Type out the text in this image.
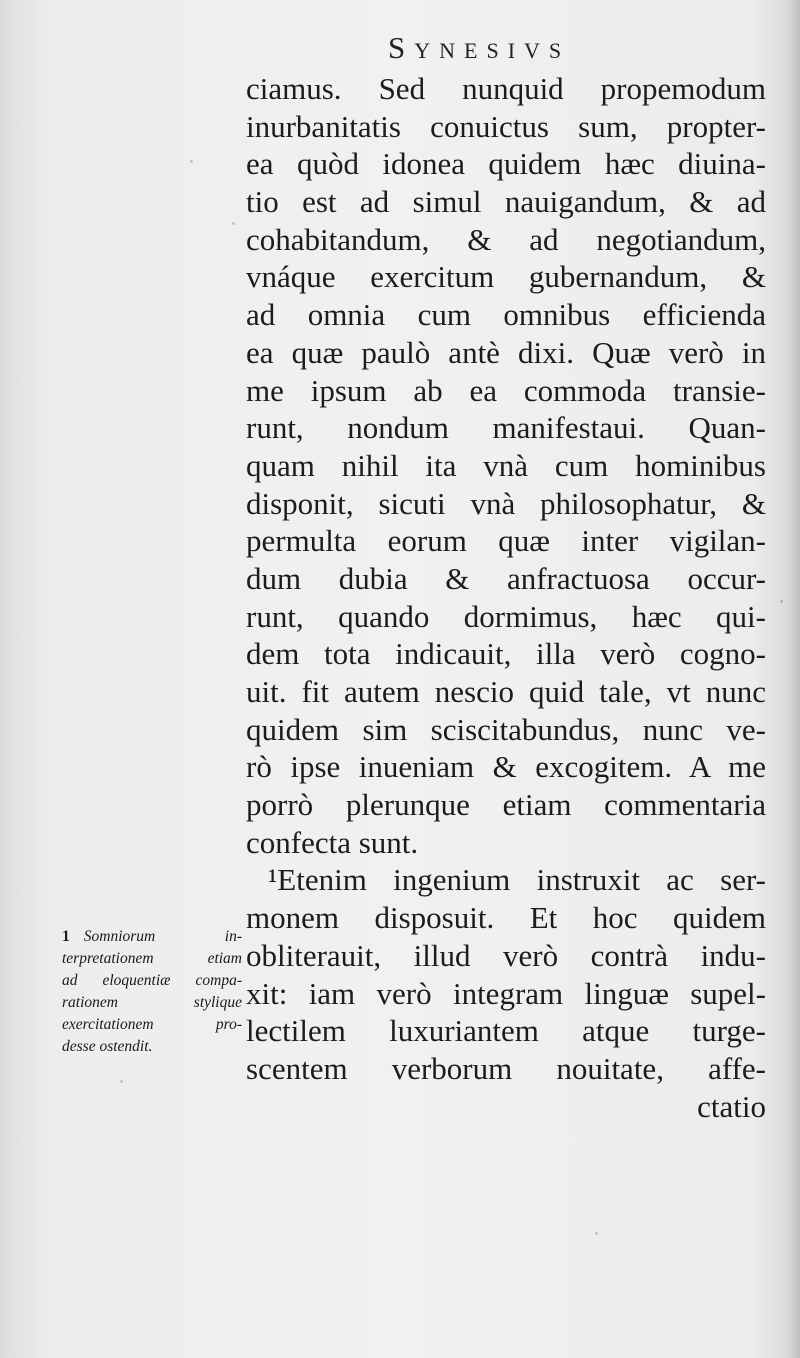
Synesivs
ciamus. Sed nunquid propemodum
inurbanitatis conuictus sum, propter-
ea quòd idonea quidem hæc diuina-
tio est ad simul nauigandum, & ad
cohabitandum, & ad negotiandum,
vnáque exercitum gubernandum, &
ad omnia cum omnibus efficienda
ea quæ paulò antè dixi. Quæ verò in
me ipsum ab ea commoda transie-
runt, nondum manifestaui. Quan-
quam nihil ita vnà cum hominibus
disponit, sicuti vnà philosophatur, &
permulta eorum quæ inter vigilan-
dum dubia & anfractuosa occur-
runt, quando dormimus, hæc qui-
dem tota indicauit, illa verò cogno-
uit. fit autem nescio quid tale, vt nunc
quidem sim sciscitabundus, nunc ve-
rò ipse inueniam & excogitem. A me
porrò plerunque etiam commentaria
confecta sunt.
¹Etenim ingenium instruxit ac ser-
monem disposuit. Et hoc quidem
obliterauit, illud verò contrà indu-
xit: iam verò integram linguæ supel-
lectilem luxuriantem atque turge-
scentem verborum nouitate, affe-
ctatio
1 Somniorum in-
terpretationem etiam
ad eloquentiæ compa-
rationem stylique
exercitationem pro-
desse ostendit.
